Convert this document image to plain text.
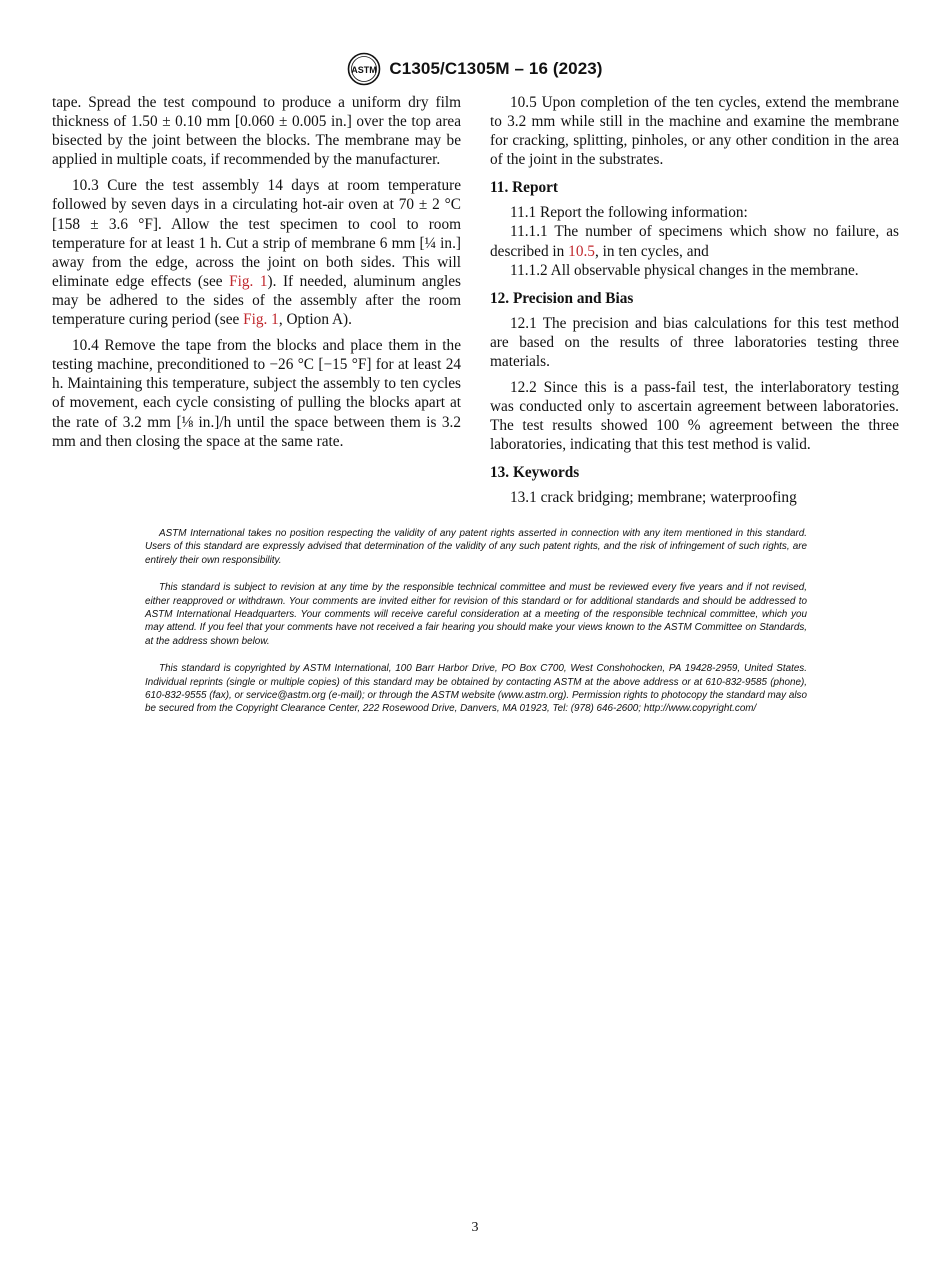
ASTM C1305/C1305M – 16 (2023)

tape. Spread the test compound to produce a uniform dry film thickness of 1.50 ± 0.10 mm [0.060 ± 0.005 in.] over the top area bisected by the joint between the blocks. The membrane may be applied in multiple coats, if recommended by the manufacturer.

10.3 Cure the test assembly 14 days at room temperature followed by seven days in a circulating hot-air oven at 70 ± 2 °C [158 ± 3.6 °F]. Allow the test specimen to cool to room temperature for at least 1 h. Cut a strip of membrane 6 mm [¼ in.] away from the edge, across the joint on both sides. This will eliminate edge effects (see Fig. 1). If needed, aluminum angles may be adhered to the sides of the assembly after the room temperature curing period (see Fig. 1, Option A).

10.4 Remove the tape from the blocks and place them in the testing machine, preconditioned to −26 °C [−15 °F] for at least 24 h. Maintaining this temperature, subject the assembly to ten cycles of movement, each cycle consisting of pulling the blocks apart at the rate of 3.2 mm [⅛ in.]/h until the space between them is 3.2 mm and then closing the space at the same rate.

10.5 Upon completion of the ten cycles, extend the membrane to 3.2 mm while still in the machine and examine the membrane for cracking, splitting, pinholes, or any other condition in the area of the joint in the substrates.

11. Report

11.1 Report the following information:

11.1.1 The number of specimens which show no failure, as described in 10.5, in ten cycles, and

11.1.2 All observable physical changes in the membrane.

12. Precision and Bias

12.1 The precision and bias calculations for this test method are based on the results of three laboratories testing three materials.

12.2 Since this is a pass-fail test, the interlaboratory testing was conducted only to ascertain agreement between laboratories. The test results showed 100 % agreement between the three laboratories, indicating that this test method is valid.

13. Keywords

13.1 crack bridging; membrane; waterproofing

ASTM International takes no position respecting the validity of any patent rights asserted in connection with any item mentioned in this standard. Users of this standard are expressly advised that determination of the validity of any such patent rights, and the risk of infringement of such rights, are entirely their own responsibility.

This standard is subject to revision at any time by the responsible technical committee and must be reviewed every five years and if not revised, either reapproved or withdrawn. Your comments are invited either for revision of this standard or for additional standards and should be addressed to ASTM International Headquarters. Your comments will receive careful consideration at a meeting of the responsible technical committee, which you may attend. If you feel that your comments have not received a fair hearing you should make your views known to the ASTM Committee on Standards, at the address shown below.

This standard is copyrighted by ASTM International, 100 Barr Harbor Drive, PO Box C700, West Conshohocken, PA 19428-2959, United States. Individual reprints (single or multiple copies) of this standard may be obtained by contacting ASTM at the above address or at 610-832-9585 (phone), 610-832-9555 (fax), or service@astm.org (e-mail); or through the ASTM website (www.astm.org). Permission rights to photocopy the standard may also be secured from the Copyright Clearance Center, 222 Rosewood Drive, Danvers, MA 01923, Tel: (978) 646-2600; http://www.copyright.com/

3
